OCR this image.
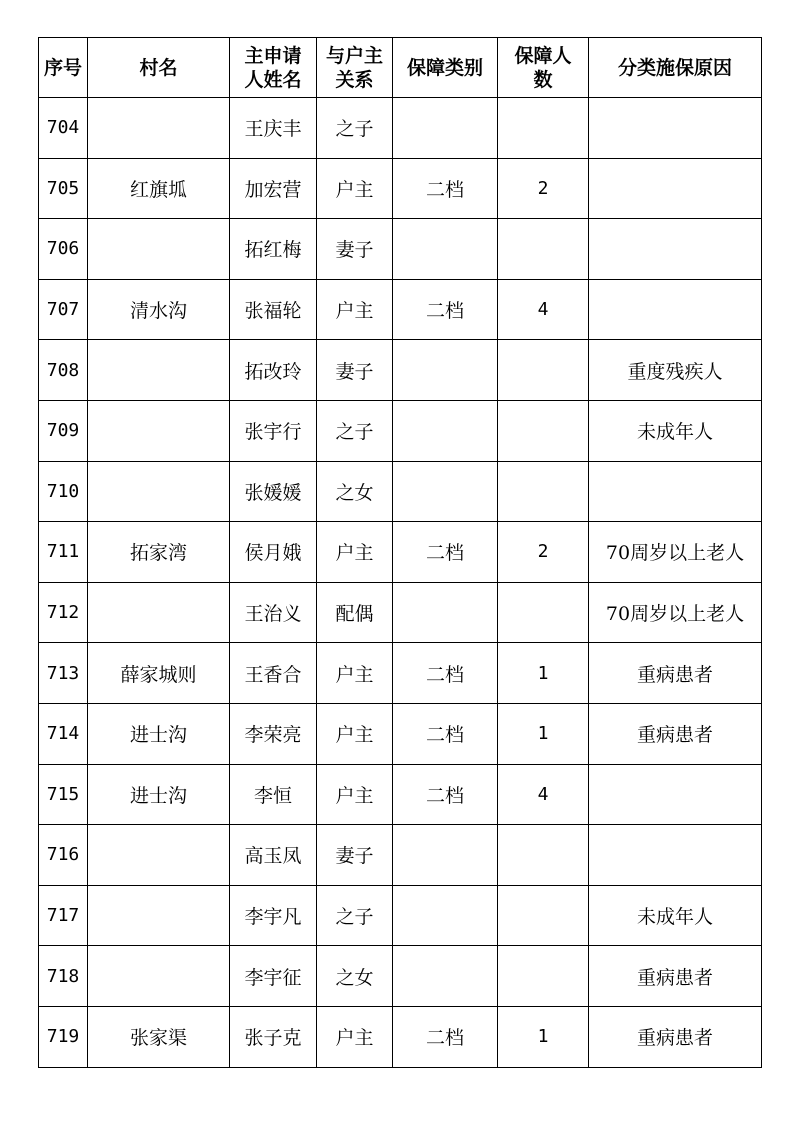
序号	村名	主申请人姓名	与户主关系	保障类别	保障人数	分类施保原因
704		王庆丰	之子			
705	红旗坬	加宏营	户主	二档	2	
706		拓红梅	妻子			
707	清水沟	张福轮	户主	二档	4	
708		拓改玲	妻子			重度残疾人
709		张宇行	之子			未成年人
710		张媛媛	之女			
711	拓家湾	侯月娥	户主	二档	2	70周岁以上老人
712		王治义	配偶			70周岁以上老人
713	薛家城则	王香合	户主	二档	1	重病患者
714	进士沟	李荣亮	户主	二档	1	重病患者
715	进士沟	李恒	户主	二档	4	
716		高玉凤	妻子			
717		李宇凡	之子			未成年人
718		李宇征	之女			重病患者
719	张家渠	张子克	户主	二档	1	重病患者
